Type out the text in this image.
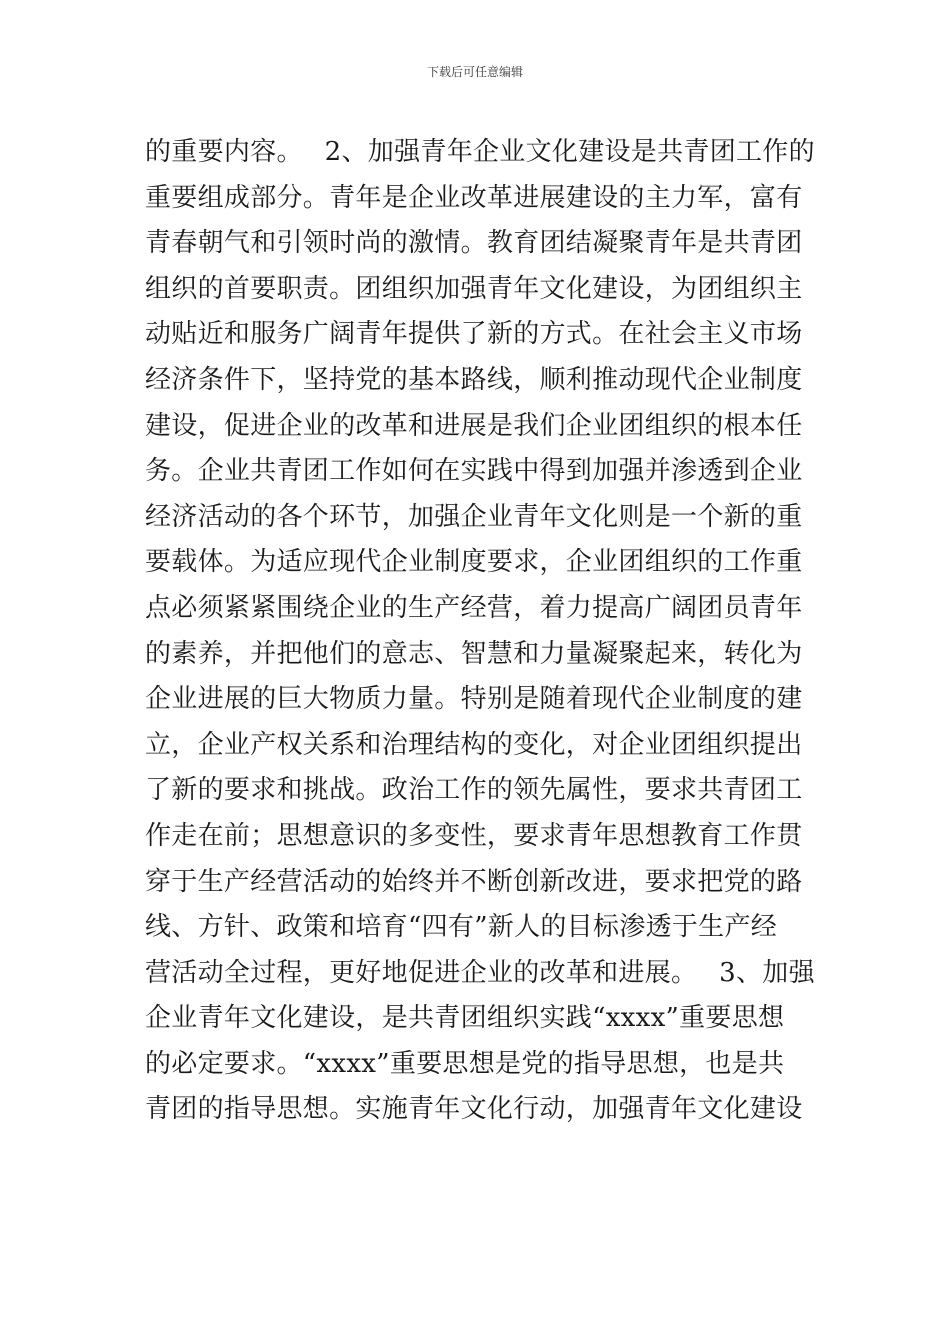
下载后可任意编辑
的重要内容。　 2、加强青年企业文化建设是共青团工作的
重要组成部分。青年是企业改革进展建设的主力军，富有
青春朝气和引领时尚的激情。教育团结凝聚青年是共青团
组织的首要职责。团组织加强青年文化建设，为团组织主
动贴近和服务广阔青年提供了新的方式。在社会主义市场
经济条件下，坚持党的基本路线，顺利推动现代企业制度
建设，促进企业的改革和进展是我们企业团组织的根本任
务。企业共青团工作如何在实践中得到加强并渗透到企业
经济活动的各个环节，加强企业青年文化则是一个新的重
要载体。为适应现代企业制度要求，企业团组织的工作重
点必须紧紧围绕企业的生产经营，着力提高广阔团员青年
的素养，并把他们的意志、智慧和力量凝聚起来，转化为
企业进展的巨大物质力量。特别是随着现代企业制度的建
立，企业产权关系和治理结构的变化，对企业团组织提出
了新的要求和挑战。政治工作的领先属性，要求共青团工
作走在前；思想意识的多变性，要求青年思想教育工作贯
穿于生产经营活动的始终并不断创新改进，要求把党的路
线、方针、政策和培育“四有”新人的目标渗透于生产经
营活动全过程，更好地促进企业的改革和进展。　 3、加强
企业青年文化建设，是共青团组织实践“xxxx”重要思想
的必定要求。“xxxx”重要思想是党的指导思想，也是共
青团的指导思想。实施青年文化行动，加强青年文化建设
